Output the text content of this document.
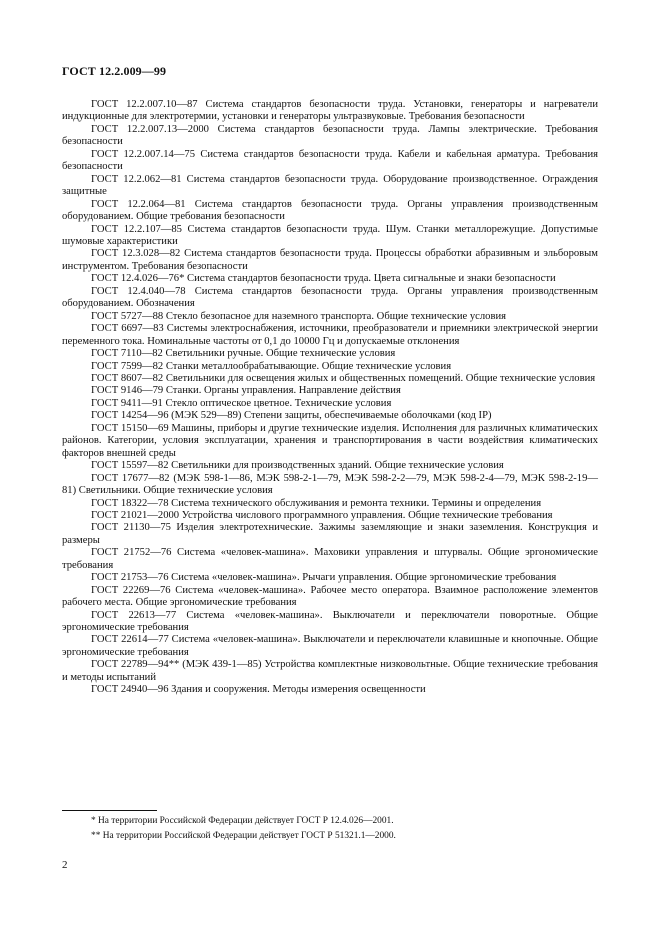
ГОСТ 12.2.009—99

ГОСТ 12.2.007.10—87 Система стандартов безопасности труда. Установки, генераторы и нагреватели индукционные для электротермии, установки и генераторы ультразвуковые. Требования безопасности

ГОСТ 12.2.007.13—2000 Система стандартов безопасности труда. Лампы электрические. Требования безопасности

ГОСТ 12.2.007.14—75 Система стандартов безопасности труда. Кабели и кабельная арматура. Требования безопасности

ГОСТ 12.2.062—81 Система стандартов безопасности труда. Оборудование производственное. Ограждения защитные

ГОСТ 12.2.064—81 Система стандартов безопасности труда. Органы управления производственным оборудованием. Общие требования безопасности

ГОСТ 12.2.107—85 Система стандартов безопасности труда. Шум. Станки металлорежущие. Допустимые шумовые характеристики

ГОСТ 12.3.028—82 Система стандартов безопасности труда. Процессы обработки абразивным и эльборовым инструментом. Требования безопасности

ГОСТ 12.4.026—76* Система стандартов безопасности труда. Цвета сигнальные и знаки безопасности

ГОСТ 12.4.040—78 Система стандартов безопасности труда. Органы управления производственным оборудованием. Обозначения

ГОСТ 5727—88 Стекло безопасное для наземного транспорта. Общие технические условия

ГОСТ 6697—83 Системы электроснабжения, источники, преобразователи и приемники электрической энергии переменного тока. Номинальные частоты от 0,1 до 10000 Гц и допускаемые отклонения

ГОСТ 7110—82 Светильники ручные. Общие технические условия

ГОСТ 7599—82 Станки металлообрабатывающие. Общие технические условия

ГОСТ 8607—82 Светильники для освещения жилых и общественных помещений. Общие технические условия

ГОСТ 9146—79 Станки. Органы управления. Направление действия

ГОСТ 9411—91 Стекло оптическое цветное. Технические условия

ГОСТ 14254—96 (МЭК 529—89) Степени защиты, обеспечиваемые оболочками (код IP)

ГОСТ 15150—69 Машины, приборы и другие технические изделия. Исполнения для различных климатических районов. Категории, условия эксплуатации, хранения и транспортирования в части воздействия климатических факторов внешней среды

ГОСТ 15597—82 Светильники для производственных зданий. Общие технические условия

ГОСТ 17677—82 (МЭК 598-1—86, МЭК 598-2-1—79, МЭК 598-2-2—79, МЭК 598-2-4—79, МЭК 598-2-19—81) Светильники. Общие технические условия

ГОСТ 18322—78 Система технического обслуживания и ремонта техники. Термины и определения

ГОСТ 21021—2000 Устройства числового программного управления. Общие технические требования

ГОСТ 21130—75 Изделия электротехнические. Зажимы заземляющие и знаки заземления. Конструкция и размеры

ГОСТ 21752—76 Система «человек-машина». Маховики управления и штурвалы. Общие эргономические требования

ГОСТ 21753—76 Система «человек-машина». Рычаги управления. Общие эргономические требования

ГОСТ 22269—76 Система «человек-машина». Рабочее место оператора. Взаимное расположение элементов рабочего места. Общие эргономические требования

ГОСТ 22613—77 Система «человек-машина». Выключатели и переключатели поворотные. Общие эргономические требования

ГОСТ 22614—77 Система «человек-машина». Выключатели и переключатели клавишные и кнопочные. Общие эргономические требования

ГОСТ 22789—94** (МЭК 439-1—85) Устройства комплектные низковольтные. Общие технические требования и методы испытаний

ГОСТ 24940—96 Здания и сооружения. Методы измерения освещенности

* На территории Российской Федерации действует ГОСТ Р 12.4.026—2001.
** На территории Российской Федерации действует ГОСТ Р 51321.1—2000.
2
